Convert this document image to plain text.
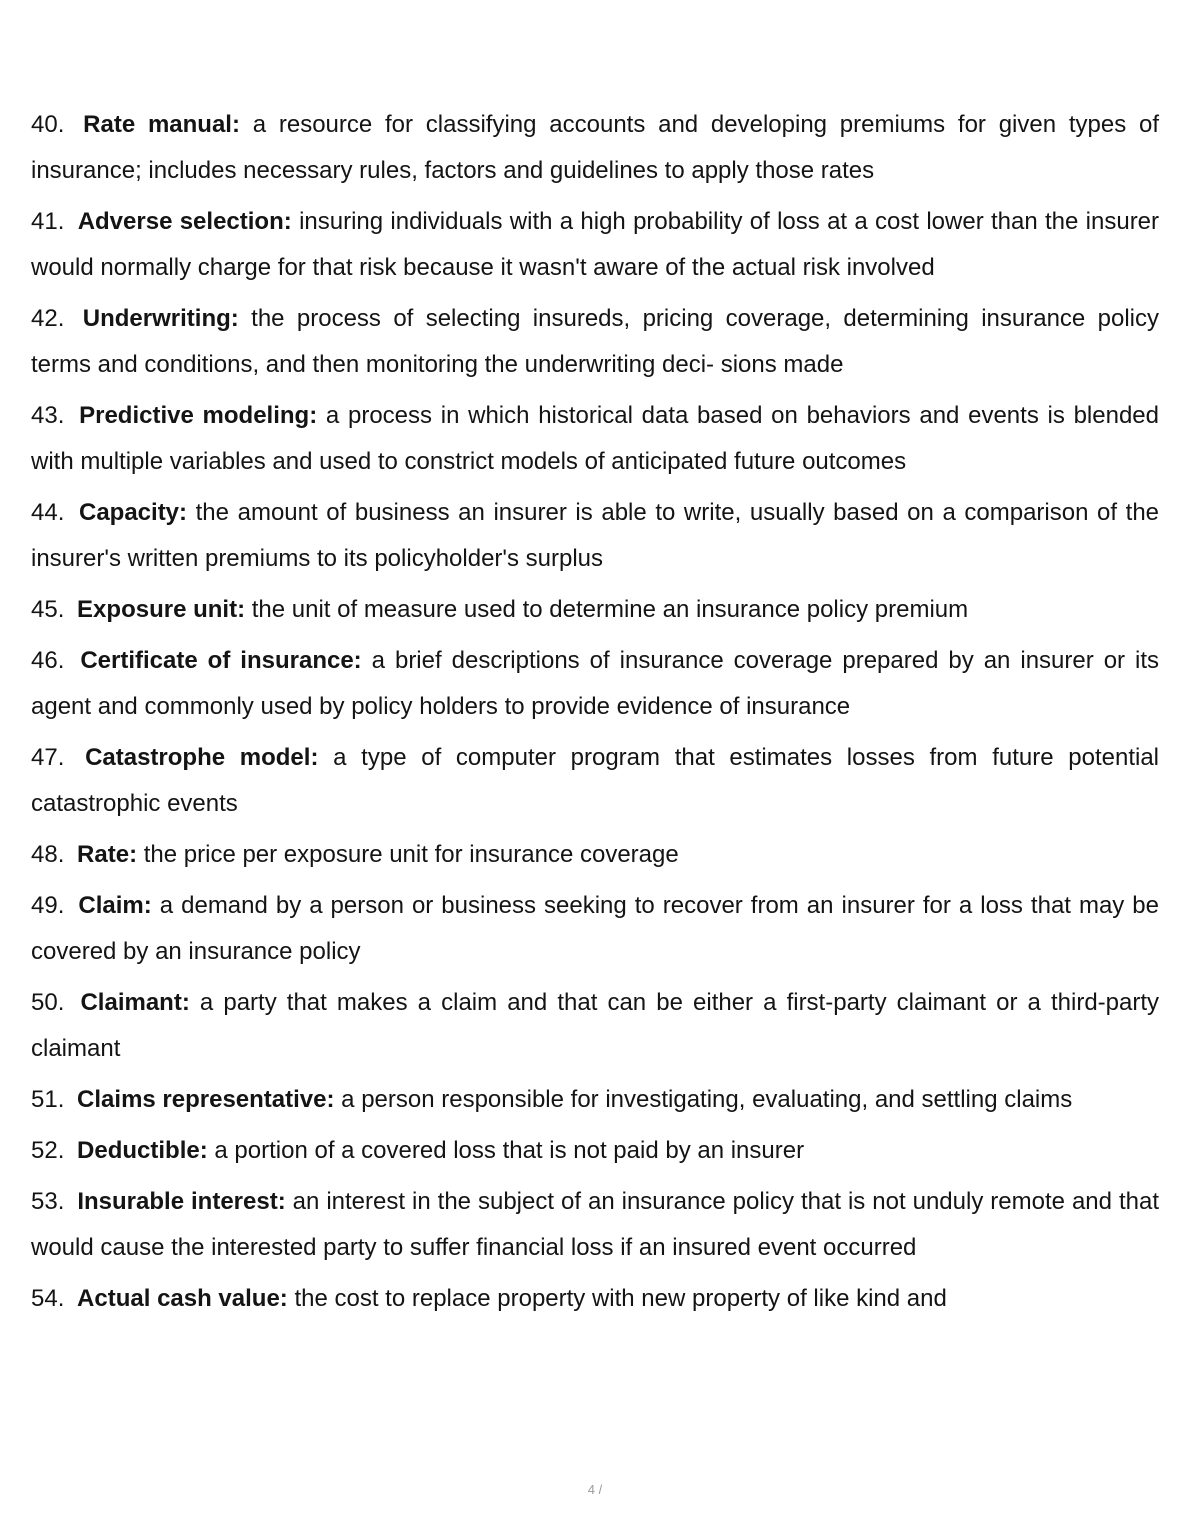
40. Rate manual: a resource for classifying accounts and developing premiums for given types of insurance; includes necessary rules, factors and guidelines to apply those rates

41. Adverse selection: insuring individuals with a high probability of loss at a cost lower than the insurer would normally charge for that risk because it wasn't aware of the actual risk involved

42. Underwriting: the process of selecting insureds, pricing coverage, determining insurance policy terms and conditions, and then monitoring the underwriting deci- sions made

43. Predictive modeling: a process in which historical data based on behaviors and events is blended with multiple variables and used to constrict models of anticipated future outcomes

44. Capacity: the amount of business an insurer is able to write, usually based on a comparison of the insurer's written premiums to its policyholder's surplus

45. Exposure unit: the unit of measure used to determine an insurance policy premium

46. Certificate of insurance: a brief descriptions of insurance coverage prepared by an insurer or its agent and commonly used by policy holders to provide evidence of insurance

47. Catastrophe model: a type of computer program that estimates losses from future potential catastrophic events

48. Rate: the price per exposure unit for insurance coverage

49. Claim: a demand by a person or business seeking to recover from an insurer for a loss that may be covered by an insurance policy

50. Claimant: a party that makes a claim and that can be either a first-party claimant or a third-party claimant

51. Claims representative: a person responsible for investigating, evaluating, and settling claims

52. Deductible: a portion of a covered loss that is not paid by an insurer

53. Insurable interest: an interest in the subject of an insurance policy that is not unduly remote and that would cause the interested party to suffer financial loss if an insured event occurred

54. Actual cash value: the cost to replace property with new property of like kind and

4 /
